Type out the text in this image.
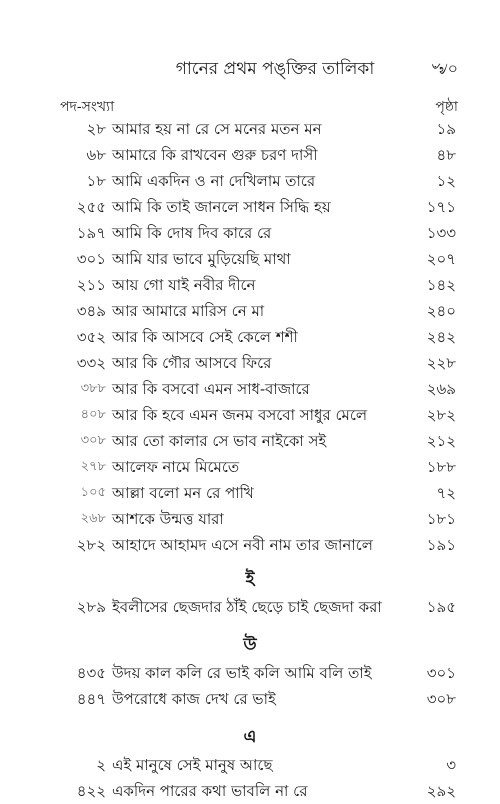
গানের প্রথম পঙ্‌ক্তির তালিকা	৺৶০
পদ-সংখ্যা	পৃষ্ঠা
২৮ আমার হয় না রে সে মনের মতন মন	১৯
৬৮ আমারে কি রাখবেন গুরু চরণ দাসী	৪৮
১৮ আমি একদিন ও না দেখিলাম তারে	১২
২৫৫ আমি কি তাই জানলে সাধন সিদ্ধি হয়	১৭১
১৯৭ আমি কি দোষ দিব কারে রে	১৩৩
৩০১ আমি যার ভাবে মুড়িয়েছি মাথা	২০৭
২১১ আয় গো যাই নবীর দীনে	১৪২
৩৪৯ আর আমারে মারিস নে মা	২৪০
৩৫২ আর কি আসবে সেই কেলে শশী	২৪২
৩৩২ আর কি গৌর আসবে ফিরে	২২৮
৩৮৮ আর কি বসবো এমন সাধ-বাজারে	২৬৯
৪০৮ আর কি হবে এমন জনম বসবো সাধুর মেলে	২৮২
৩০৮ আর তো কালার সে ভাব নাইকো সই	২১২
২৭৮ আলেফ নামে মিমেতে	১৮৮
১০৫ আল্লা বলো মন রে পাখি	৭২
২৬৮ আশকে উন্মত্ত যারা	১৮১
২৮২ আহাদে আহামদ এসে নবী নাম তার জানালে	১৯১
ই
২৮৯ ইবলীসের ছেজদার ঠাঁই ছেড়ে চাই ছেজদা করা	১৯৫
উ
৪৩৫ উদয় কাল কলি রে ভাই কলি আমি বলি তাই	৩০১
৪৪৭ উপরোধে কাজ দেখ রে ভাই	৩০৮
এ
২ এই মানুষে সেই মানুষ আছে	৩
৪২২ একদিন পারের কথা ভাবলি না রে	২৯২
